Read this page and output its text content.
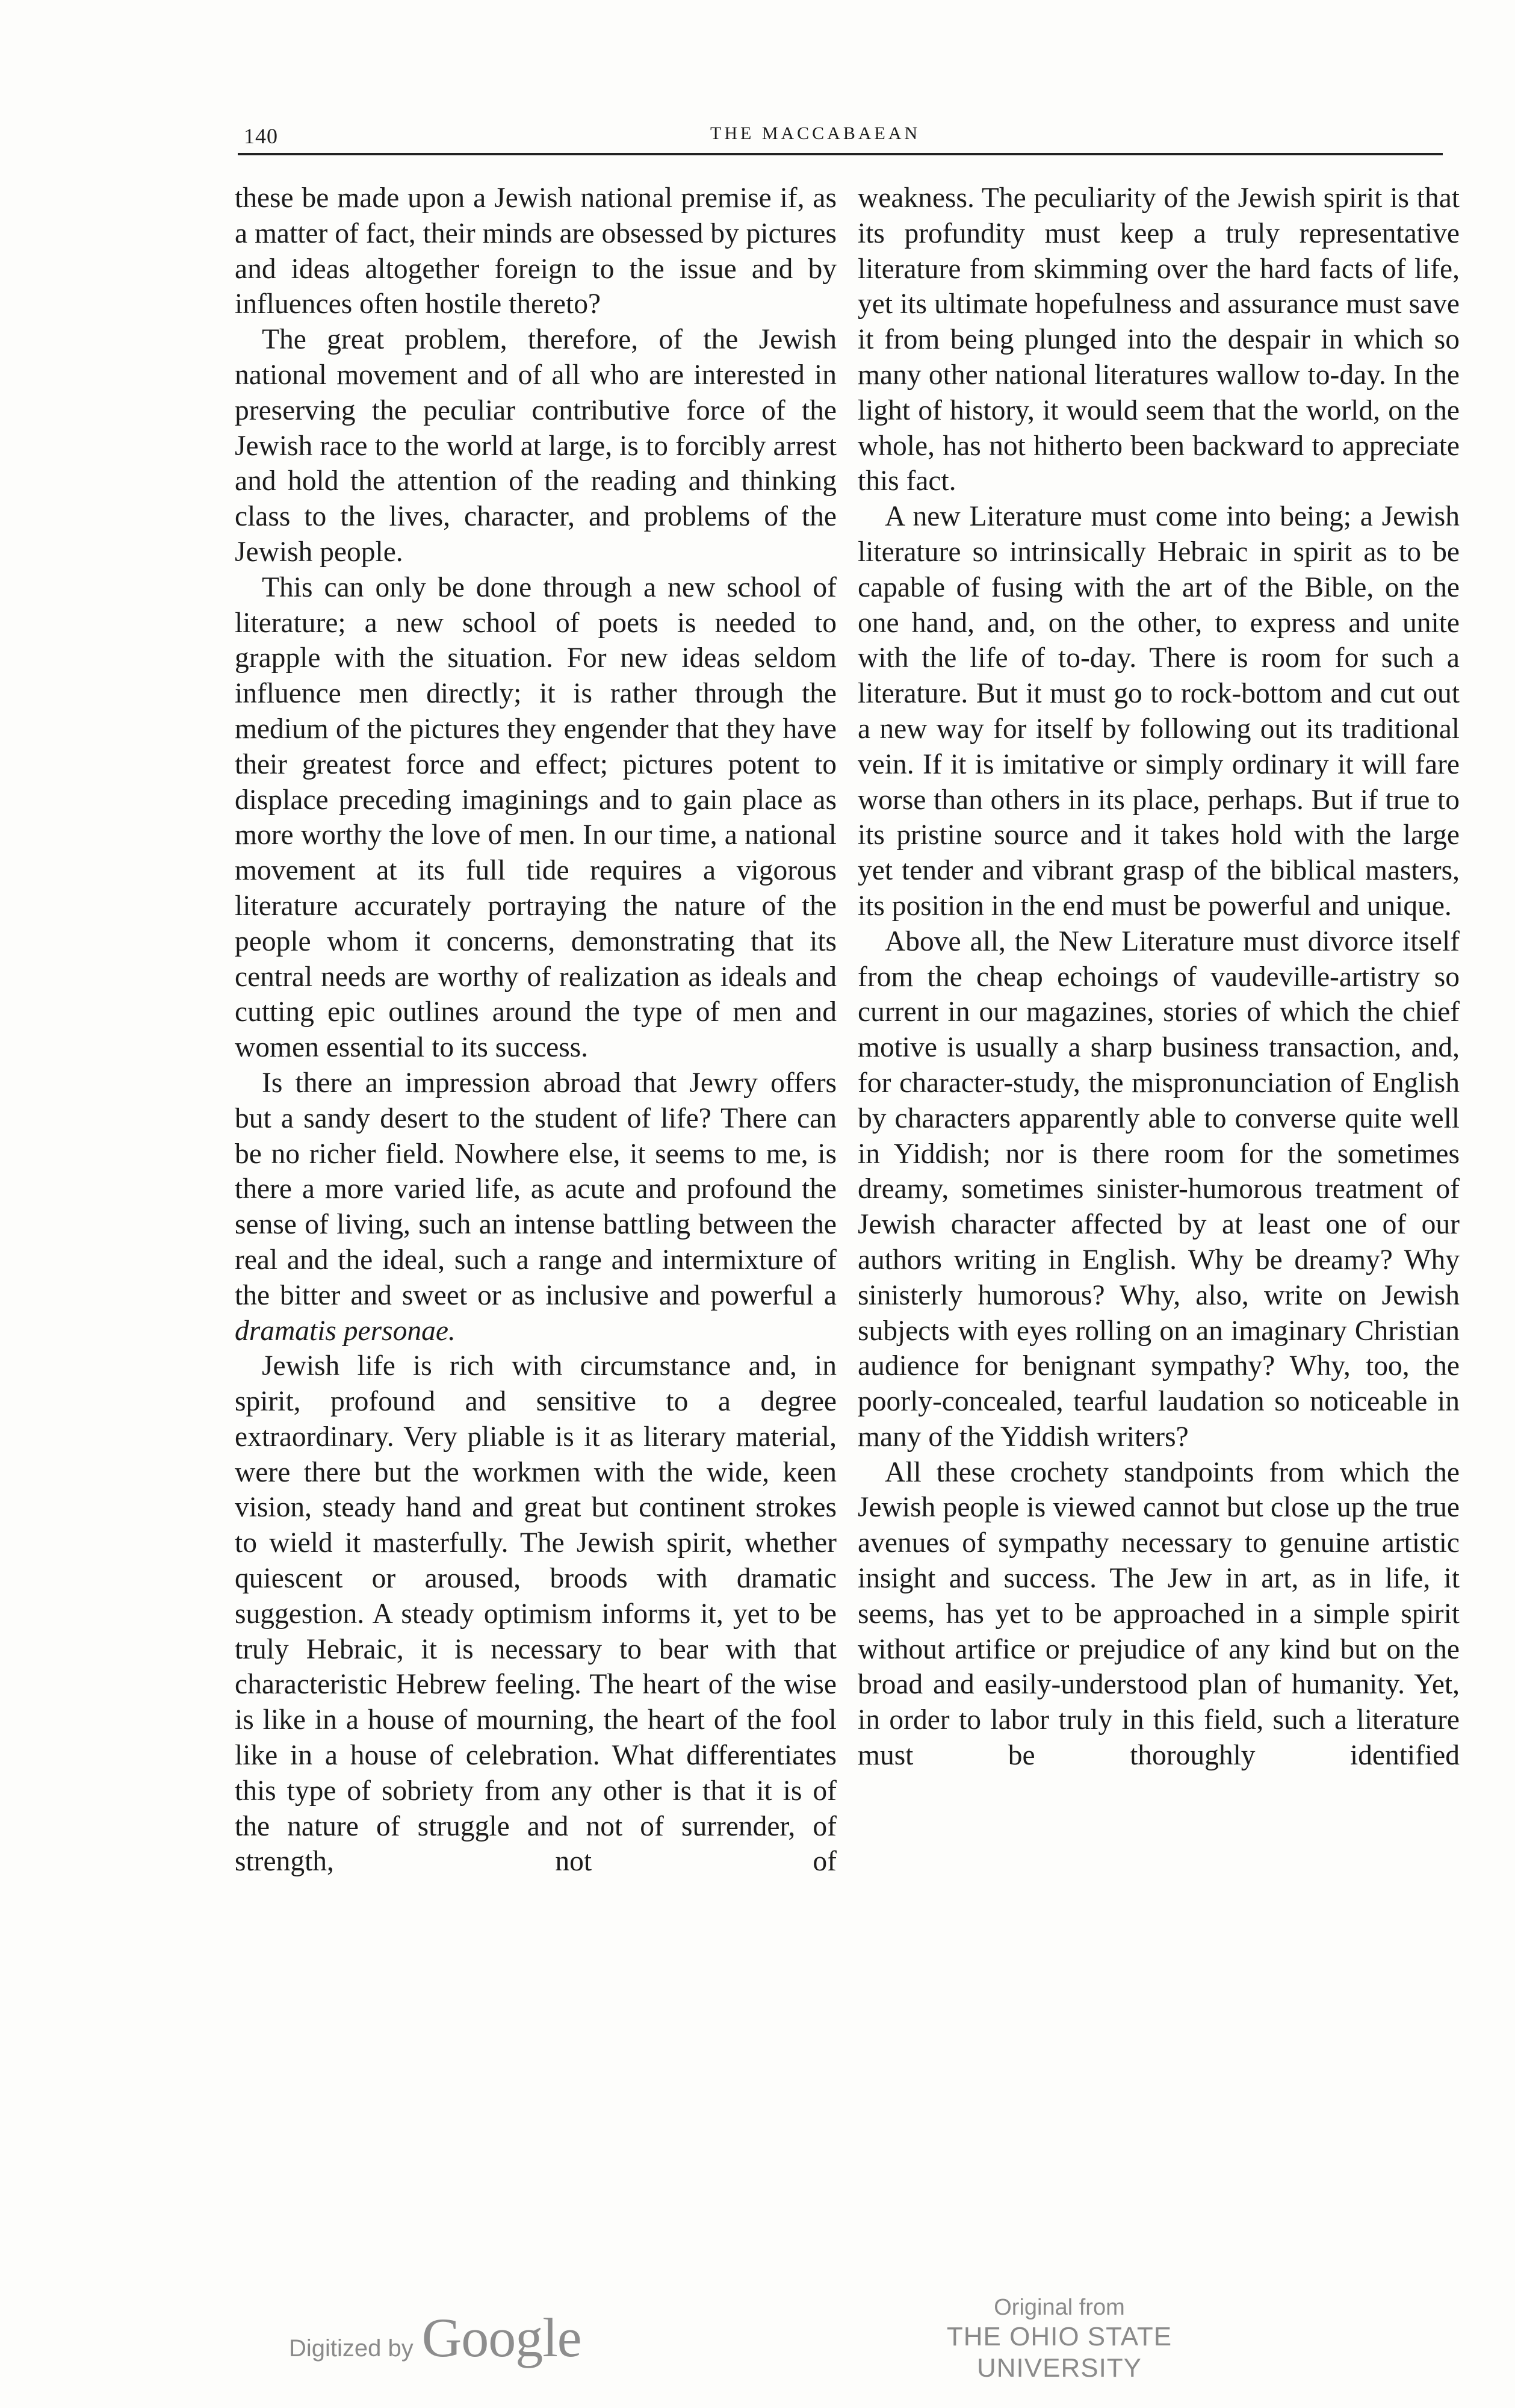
140	THE MACCABAEAN

these be made upon a Jewish national premise if, as a matter of fact, their minds are obsessed by pictures and ideas altogether foreign to the issue and by influences often hostile thereto?

The great problem, therefore, of the Jewish national movement and of all who are interested in preserving the peculiar contributive force of the Jewish race to the world at large, is to forcibly arrest and hold the attention of the reading and thinking class to the lives, character, and problems of the Jewish people.

This can only be done through a new school of literature; a new school of poets is needed to grapple with the situation. For new ideas seldom influence men directly; it is rather through the medium of the pictures they engender that they have their greatest force and effect; pictures potent to displace preceding imaginings and to gain place as more worthy the love of men. In our time, a national movement at its full tide requires a vigorous literature accurately portraying the nature of the people whom it concerns, demonstrating that its central needs are worthy of realization as ideals and cutting epic outlines around the type of men and women essential to its success.

Is there an impression abroad that Jewry offers but a sandy desert to the student of life? There can be no richer field. Nowhere else, it seems to me, is there a more varied life, as acute and profound the sense of living, such an intense battling between the real and the ideal, such a range and intermixture of the bitter and sweet or as inclusive and powerful a dramatis personae.

Jewish life is rich with circumstance and, in spirit, profound and sensitive to a degree extraordinary. Very pliable is it as literary material, were there but the workmen with the wide, keen vision, steady hand and great but continent strokes to wield it masterfully. The Jewish spirit, whether quiescent or aroused, broods with dramatic suggestion. A steady optimism informs it, yet to be truly Hebraic, it is necessary to bear with that characteristic Hebrew feeling. The heart of the wise is like in a house of mourning, the heart of the fool like in a house of celebration. What differentiates this type of sobriety from any other is that it is of the nature of struggle and not of surrender, of strength, not of

weakness. The peculiarity of the Jewish spirit is that its profundity must keep a truly representative literature from skimming over the hard facts of life, yet its ultimate hopefulness and assurance must save it from being plunged into the despair in which so many other national literatures wallow to-day. In the light of history, it would seem that the world, on the whole, has not hitherto been backward to appreciate this fact.

A new Literature must come into being; a Jewish literature so intrinsically Hebraic in spirit as to be capable of fusing with the art of the Bible, on the one hand, and, on the other, to express and unite with the life of to-day. There is room for such a literature. But it must go to rock-bottom and cut out a new way for itself by following out its traditional vein. If it is imitative or simply ordinary it will fare worse than others in its place, perhaps. But if true to its pristine source and it takes hold with the large yet tender and vibrant grasp of the biblical masters, its position in the end must be powerful and unique.

Above all, the New Literature must divorce itself from the cheap echoings of vaudeville-artistry so current in our magazines, stories of which the chief motive is usually a sharp business transaction, and, for character-study, the mispronunciation of English by characters apparently able to converse quite well in Yiddish; nor is there room for the sometimes dreamy, sometimes sinister-humorous treatment of Jewish character affected by at least one of our authors writing in English. Why be dreamy? Why sinisterly humorous? Why, also, write on Jewish subjects with eyes rolling on an imaginary Christian audience for benignant sympathy? Why, too, the poorly-concealed, tearful laudation so noticeable in many of the Yiddish writers?

All these crochety standpoints from which the Jewish people is viewed cannot but close up the true avenues of sympathy necessary to genuine artistic insight and success. The Jew in art, as in life, it seems, has yet to be approached in a simple spirit without artifice or prejudice of any kind but on the broad and easily-understood plan of humanity. Yet, in order to labor truly in this field, such a literature must be thoroughly identified

Digitized by Google	Original from
THE OHIO STATE UNIVERSITY
